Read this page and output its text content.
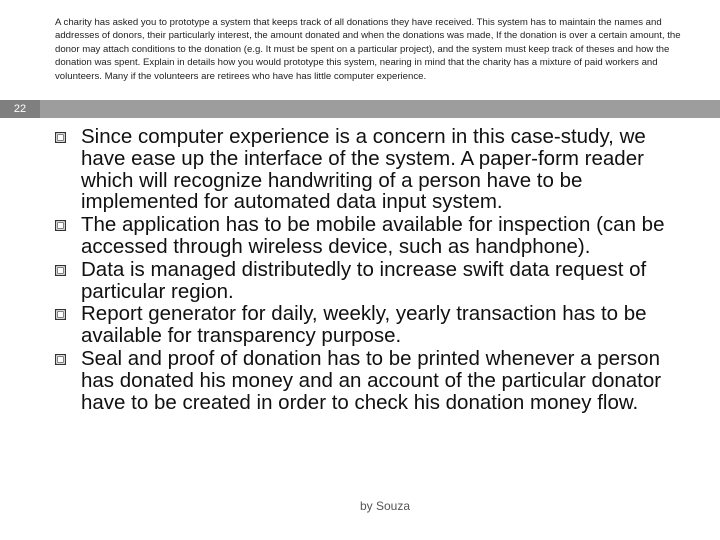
A charity has asked you to prototype a system that keeps track of all donations they have received. This system has to maintain the names and addresses of donors, their particularly interest, the amount donated and when the donations was made, If the donation is over a certain amount, the donor may attach conditions to the donation (e.g. It must be spent on a particular project), and the system must keep track of theses and how the donation was spent. Explain in details how you would prototype this system, nearing in mind that the charity has a mixture of paid workers and volunteers. Many if the volunteers are retirees who have has little computer experience.
22
Since computer experience is a concern in this case-study, we have ease up the interface of the system. A paper-form reader which will recognize handwriting of a person have to be implemented for automated data input system.
The application has to be mobile available for inspection (can be accessed through wireless device, such as handphone).
Data is managed distributedly to increase swift data request of particular region.
Report generator for daily, weekly, yearly transaction has to be available for transparency purpose.
Seal and proof of donation has to be printed whenever a person has donated his money and an account of the particular donator have to be created in order to check his donation money flow.
by Souza
